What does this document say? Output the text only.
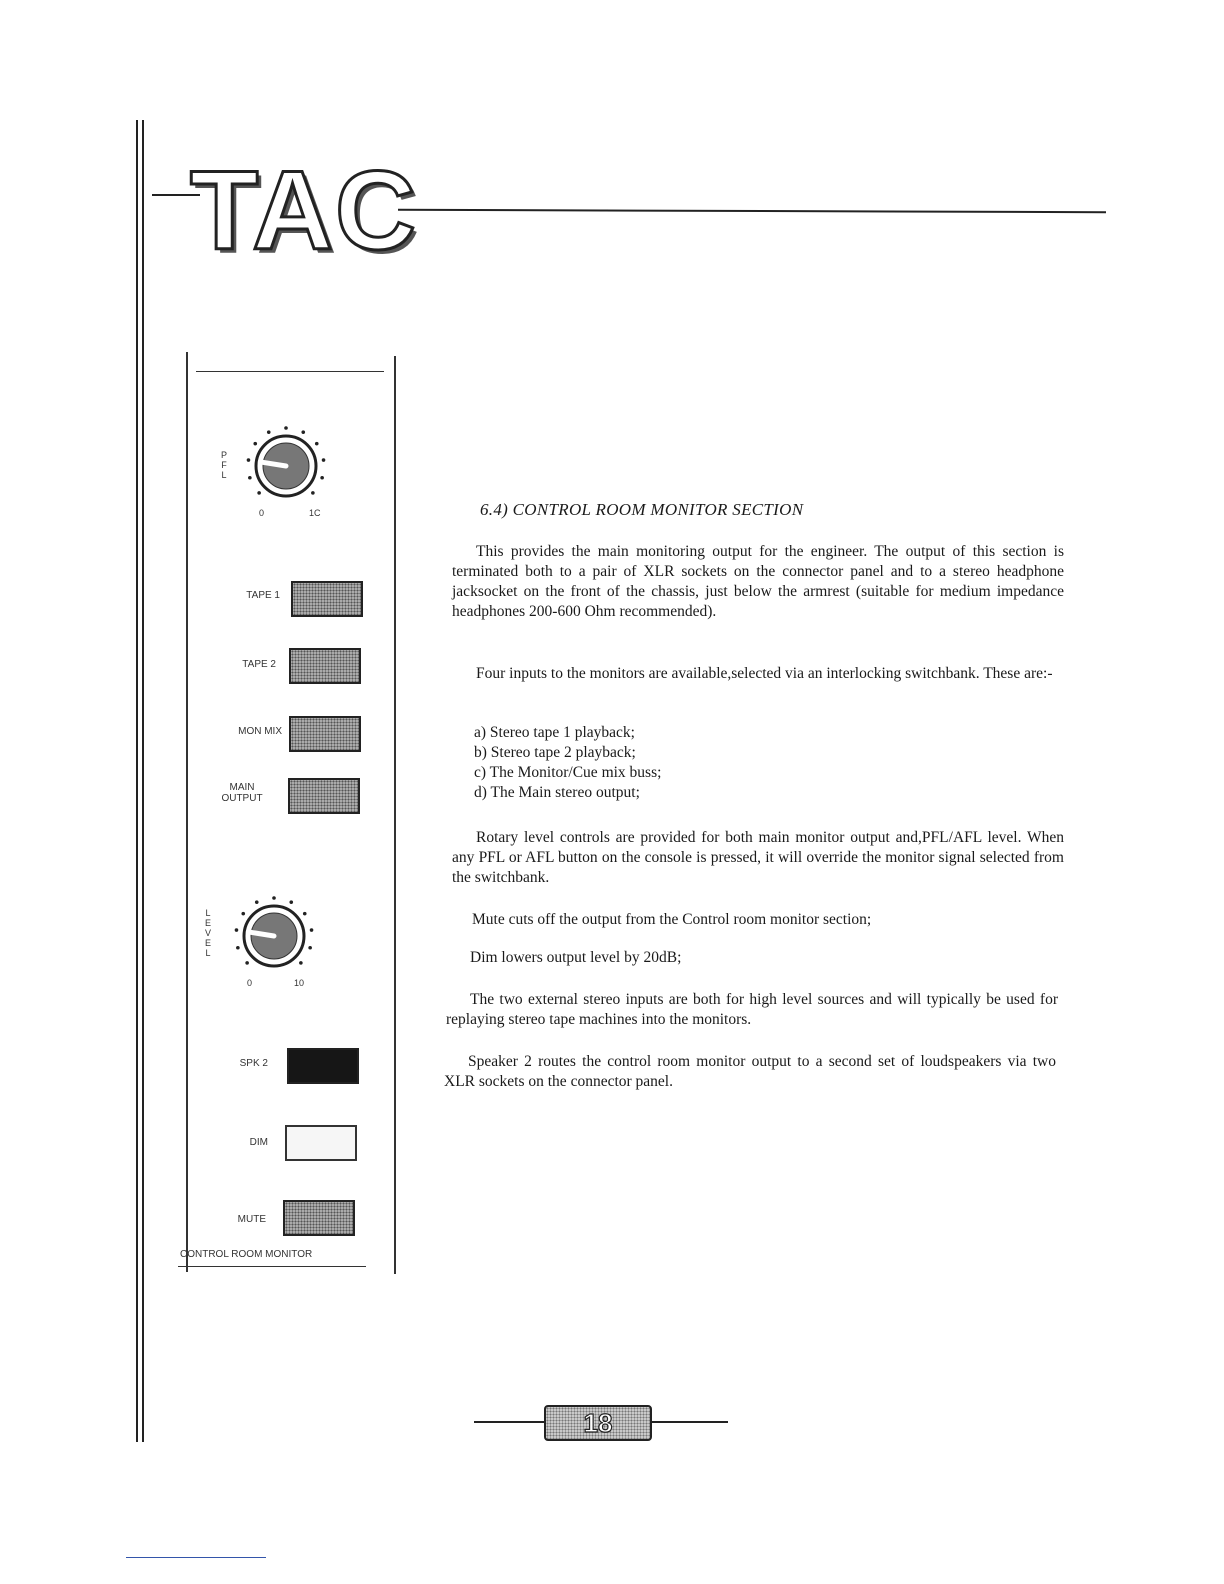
TAC
PFL
0	1C
TAPE 1
TAPE 2
MON MIX
MAIN
OUTPUT
LEVEL
0	10
SPK 2
DIM
MUTE
CONTROL ROOM MONITOR
6.4) CONTROL ROOM MONITOR SECTION
This provides the main monitoring output for the engineer. The output of this section is terminated both to a pair of XLR sockets on the connector panel and to a stereo headphone jacksocket on the front of the chassis, just below the armrest (suitable for medium impedance headphones 200-600 Ohm recommended).
Four inputs to the monitors are available,selected via an interlocking switchbank. These are:-
a) Stereo tape 1 playback;
b) Stereo tape 2 playback;
c) The Monitor/Cue mix buss;
d) The Main stereo output;
Rotary level controls are provided for both main monitor output and,PFL/AFL level. When any PFL or AFL button on the console is pressed, it will override the monitor signal selected from the switchbank.
Mute cuts off the output from the Control room monitor section;
Dim lowers output level by 20dB;
The two external stereo inputs are both for high level sources and will typically be used for replaying stereo tape machines into the monitors.
Speaker 2 routes the control room monitor output to a second set of loudspeakers via two XLR sockets on the connector panel.
18
